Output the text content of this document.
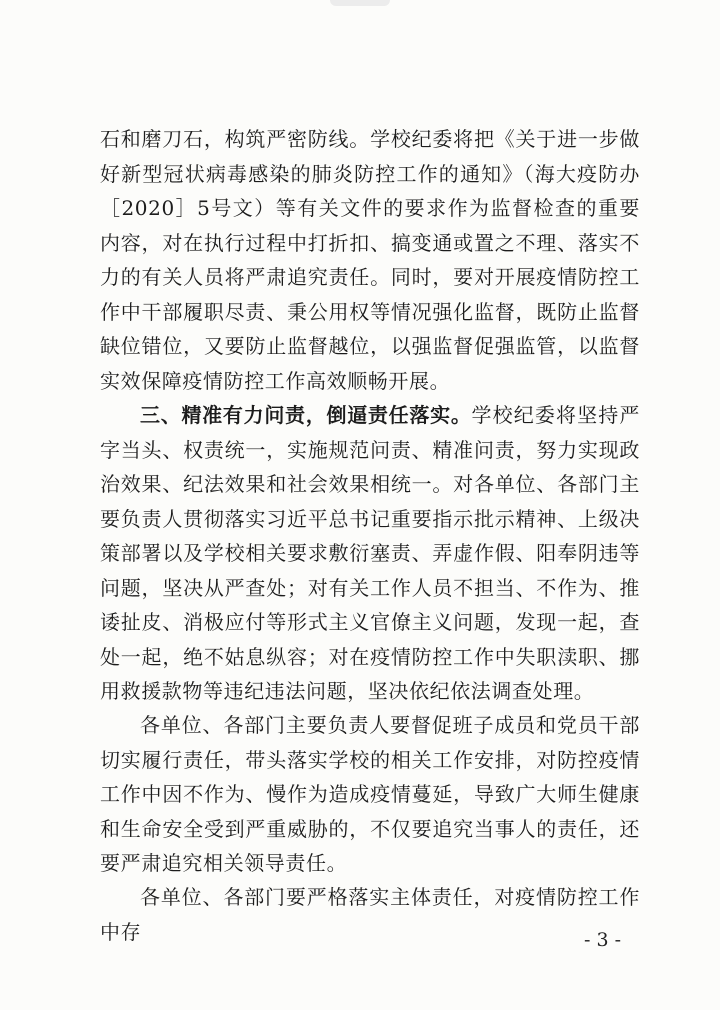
石和磨刀石，构筑严密防线。学校纪委将把《关于进一步做好新型冠状病毒感染的肺炎防控工作的通知》（海大疫防办［2020］5号文）等有关文件的要求作为监督检查的重要内容，对在执行过程中打折扣、搞变通或置之不理、落实不力的有关人员将严肃追究责任。同时，要对开展疫情防控工作中干部履职尽责、秉公用权等情况强化监督，既防止监督缺位错位，又要防止监督越位，以强监督促强监管，以监督实效保障疫情防控工作高效顺畅开展。

三、精准有力问责，倒逼责任落实。学校纪委将坚持严字当头、权责统一，实施规范问责、精准问责，努力实现政治效果、纪法效果和社会效果相统一。对各单位、各部门主要负责人贯彻落实习近平总书记重要指示批示精神、上级决策部署以及学校相关要求敷衍塞责、弄虚作假、阳奉阴违等问题，坚决从严查处；对有关工作人员不担当、不作为、推诿扯皮、消极应付等形式主义官僚主义问题，发现一起，查处一起，绝不姑息纵容；对在疫情防控工作中失职渎职、挪用救援款物等违纪违法问题，坚决依纪依法调查处理。

各单位、各部门主要负责人要督促班子成员和党员干部切实履行责任，带头落实学校的相关工作安排，对防控疫情工作中因不作为、慢作为造成疫情蔓延，导致广大师生健康和生命安全受到严重威胁的，不仅要追究当事人的责任，还要严肃追究相关领导责任。

各单位、各部门要严格落实主体责任，对疫情防控工作中存	- 3 -
